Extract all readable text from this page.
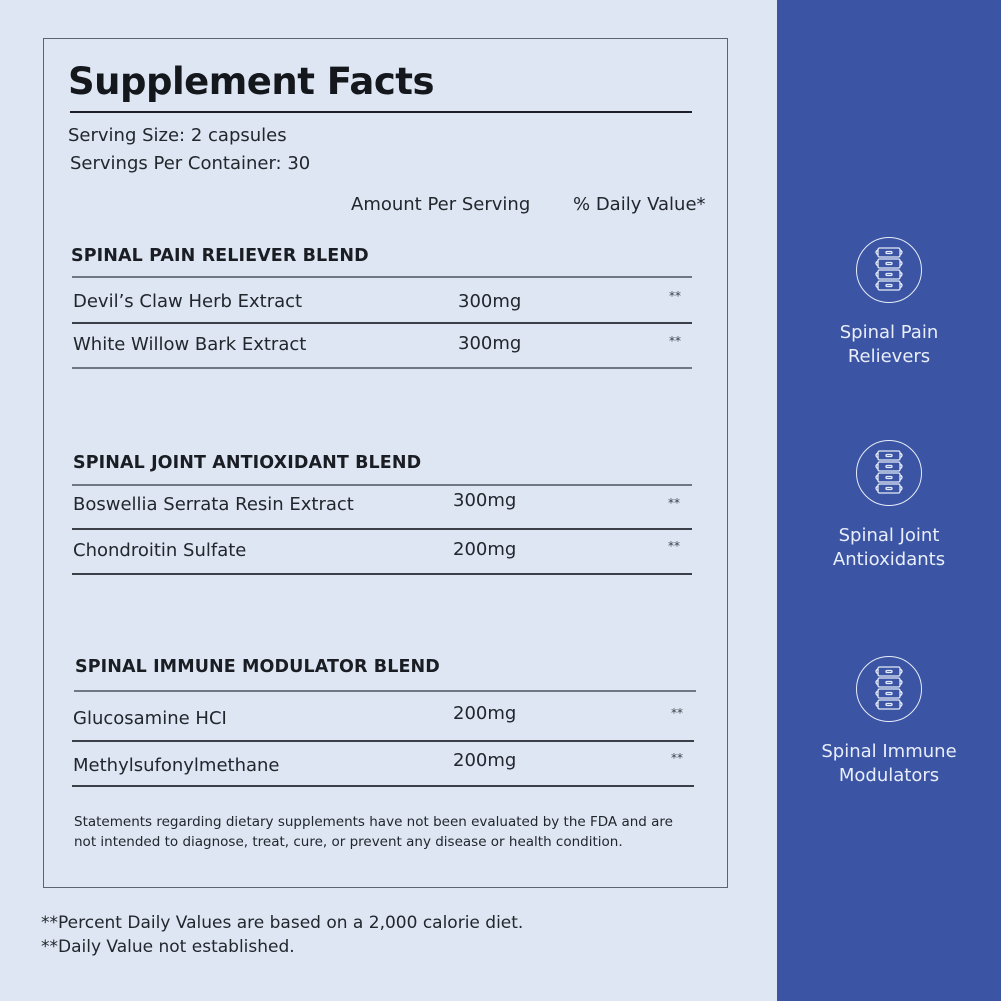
Supplement Facts
Serving Size: 2 capsules
Servings Per Container: 30
Amount Per Serving % Daily Value*
SPINAL PAIN RELIEVER BLEND
Devil’s Claw Herb Extract	300mg	**
White Willow Bark Extract	300mg	**
SPINAL JOINT ANTIOXIDANT BLEND
Boswellia Serrata Resin Extract	300mg	**
Chondroitin Sulfate	200mg	**
SPINAL IMMUNE MODULATOR BLEND
Glucosamine HCI	200mg	**
Methylsufonylmethane	200mg	**
Statements regarding dietary supplements have not been evaluated by the FDA and are not intended to diagnose, treat, cure, or prevent any disease or health condition.
**Percent Daily Values are based on a 2,000 calorie diet.
**Daily Value not established.
Spinal Pain
Relievers
Spinal Joint
Antioxidants
Spinal Immune
Modulators
